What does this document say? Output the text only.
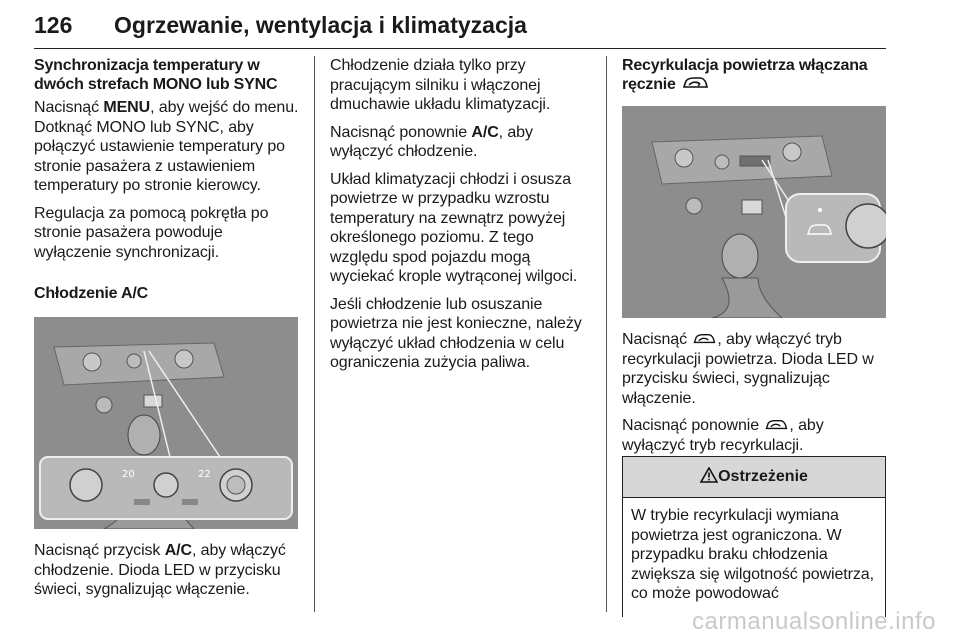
126 Ogrzewanie, wentylacja i klimatyzacja
Synchronizacja temperatury w dwóch strefach MONO lub SYNC

Nacisnąć MENU, aby wejść do menu. Dotknąć MONO lub SYNC, aby połączyć ustawienie temperatury po stronie pasażera z ustawieniem temperatury po stronie kierowcy.

Regulacja za pomocą pokrętła po stronie pasażera powoduje wyłączenie synchronizacji.

Chłodzenie A/C
20	22

Nacisnąć przycisk A/C, aby włączyć chłodzenie. Dioda LED w przycisku świeci, sygnalizując włączenie.

Chłodzenie działa tylko przy pracującym silniku i włączonej dmuchawie układu klimatyzacji.

Nacisnąć ponownie A/C, aby wyłączyć chłodzenie.

Układ klimatyzacji chłodzi i osusza powietrze w przypadku wzrostu temperatury na zewnątrz powyżej określonego poziomu. Z tego względu spod pojazdu mogą wyciekać krople wytrąconej wilgoci.

Jeśli chłodzenie lub osuszanie powietrza nie jest konieczne, należy wyłączyć układ chłodzenia w celu ograniczenia zużycia paliwa.

Recyrkulacja powietrza włączana ręcznie

Nacisnąć , aby włączyć tryb recyrkulacji powietrza. Dioda LED w przycisku świeci, sygnalizując włączenie.

Nacisnąć ponownie , aby wyłączyć tryb recyrkulacji.

Ostrzeżenie

W trybie recyrkulacji wymiana powietrza jest ograniczona. W przypadku braku chłodzenia zwiększa się wilgotność powietrza, co może powodować

carmanualsonline.info
